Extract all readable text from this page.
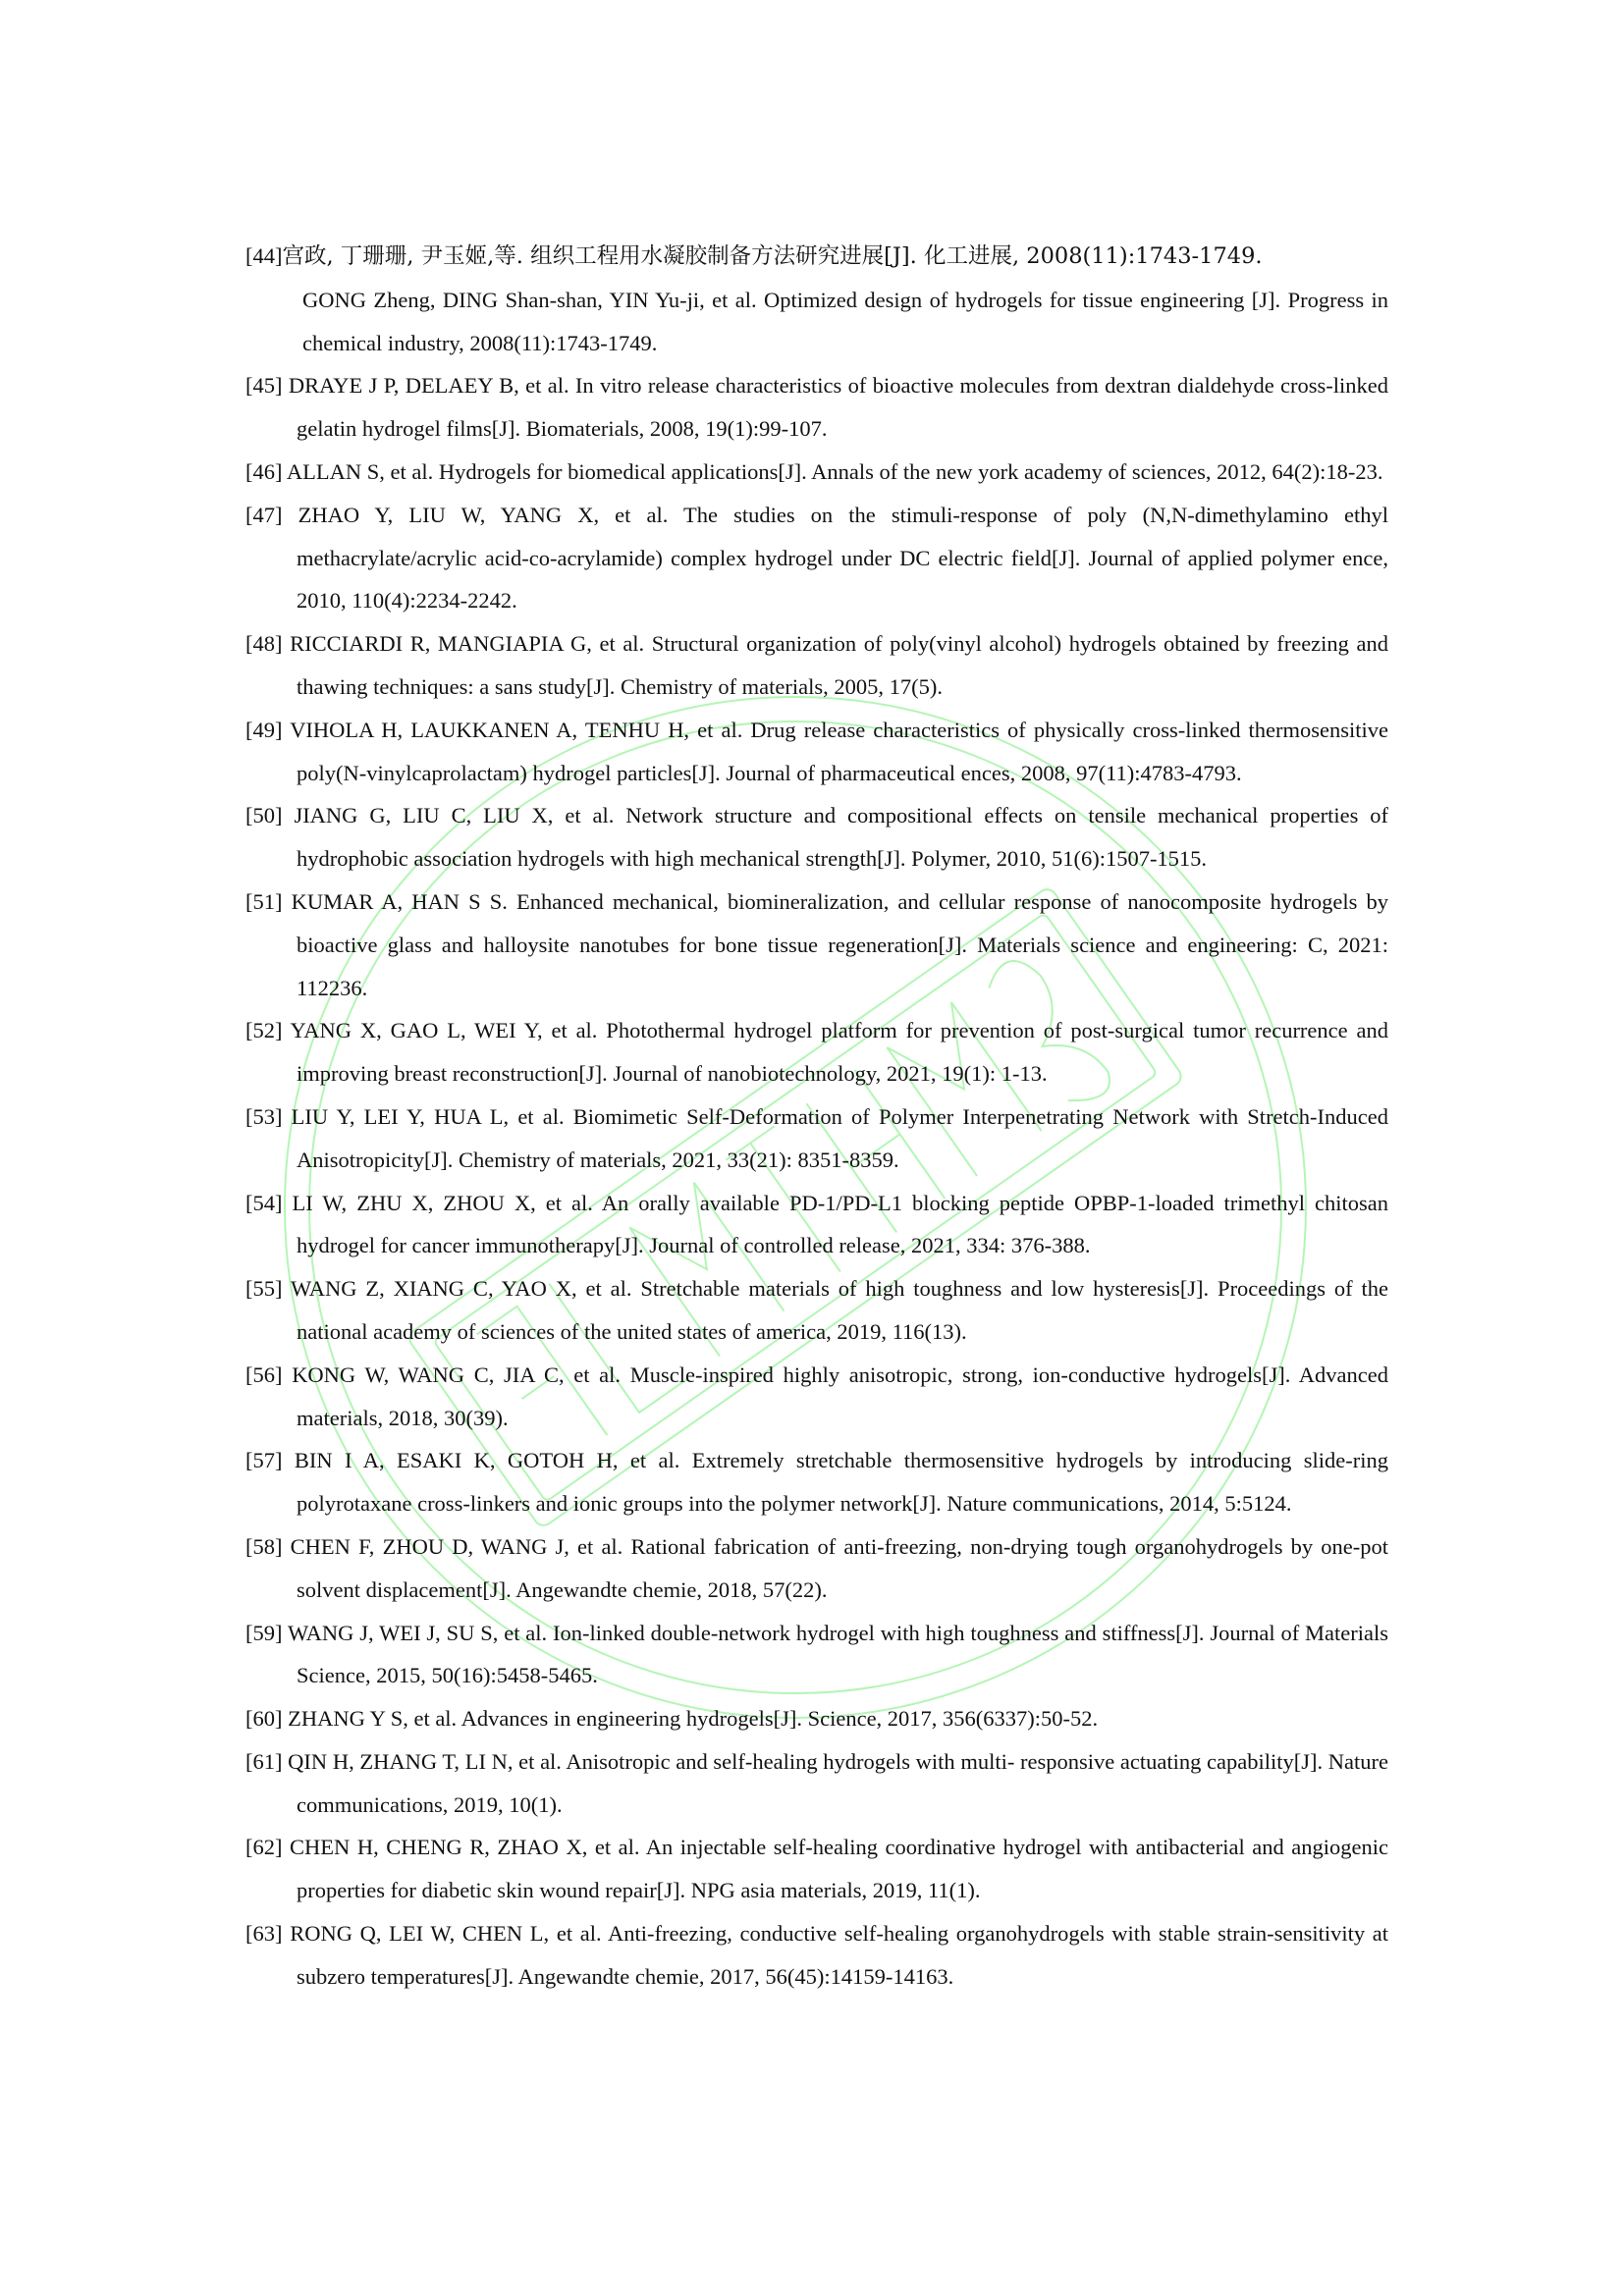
[44]宫政, 丁珊珊, 尹玉姬,等. 组织工程用水凝胶制备方法研究进展[J]. 化工进展, 2008(11):1743-1749.

GONG Zheng, DING Shan-shan, YIN Yu-ji, et al. Optimized design of hydrogels for tissue engineering [J]. Progress in chemical industry, 2008(11):1743-1749.

[45] DRAYE J P, DELAEY B, et al. In vitro release characteristics of bioactive molecules from dextran dialdehyde cross-linked gelatin hydrogel films[J]. Biomaterials, 2008, 19(1):99-107.

[46] ALLAN S, et al. Hydrogels for biomedical applications[J]. Annals of the new york academy of sciences, 2012, 64(2):18-23.

[47] ZHAO Y, LIU W, YANG X, et al. The studies on the stimuli-response of poly (N,N-dimethylamino ethyl methacrylate/acrylic acid-co-acrylamide) complex hydrogel under DC electric field[J]. Journal of applied polymer ence, 2010, 110(4):2234-2242.

[48] RICCIARDI R, MANGIAPIA G, et al. Structural organization of poly(vinyl alcohol) hydrogels obtained by freezing and thawing techniques: a sans study[J]. Chemistry of materials, 2005, 17(5).

[49] VIHOLA H, LAUKKANEN A, TENHU H, et al. Drug release characteristics of physically cross-linked thermosensitive poly(N-vinylcaprolactam) hydrogel particles[J]. Journal of pharmaceutical ences, 2008, 97(11):4783-4793.

[50] JIANG G, LIU C, LIU X, et al. Network structure and compositional effects on tensile mechanical properties of hydrophobic association hydrogels with high mechanical strength[J]. Polymer, 2010, 51(6):1507-1515.

[51] KUMAR A, HAN S S. Enhanced mechanical, biomineralization, and cellular response of nanocomposite hydrogels by bioactive glass and halloysite nanotubes for bone tissue regeneration[J]. Materials science and engineering: C, 2021: 112236.

[52] YANG X, GAO L, WEI Y, et al. Photothermal hydrogel platform for prevention of post-surgical tumor recurrence and improving breast reconstruction[J]. Journal of nanobiotechnology, 2021, 19(1): 1-13.

[53] LIU Y, LEI Y, HUA L, et al. Biomimetic Self-Deformation of Polymer Interpenetrating Network with Stretch-Induced Anisotropicity[J]. Chemistry of materials, 2021, 33(21): 8351-8359.

[54] LI W, ZHU X, ZHOU X, et al. An orally available PD-1/PD-L1 blocking peptide OPBP-1-loaded trimethyl chitosan hydrogel for cancer immunotherapy[J]. Journal of controlled release, 2021, 334: 376-388.

[55] WANG Z, XIANG C, YAO X, et al. Stretchable materials of high toughness and low hysteresis[J]. Proceedings of the national academy of sciences of the united states of america, 2019, 116(13).

[56] KONG W, WANG C, JIA C, et al. Muscle-inspired highly anisotropic, strong, ion-conductive hydrogels[J]. Advanced materials, 2018, 30(39).

[57] BIN I A, ESAKI K, GOTOH H, et al. Extremely stretchable thermosensitive hydrogels by introducing slide-ring polyrotaxane cross-linkers and ionic groups into the polymer network[J]. Nature communications, 2014, 5:5124.

[58] CHEN F, ZHOU D, WANG J, et al. Rational fabrication of anti-freezing, non-drying tough organohydrogels by one-pot solvent displacement[J]. Angewandte chemie, 2018, 57(22).

[59] WANG J, WEI J, SU S, et al. Ion-linked double-network hydrogel with high toughness and stiffness[J]. Journal of Materials Science, 2015, 50(16):5458-5465.

[60] ZHANG Y S, et al. Advances in engineering hydrogels[J]. Science, 2017, 356(6337):50-52.

[61] QIN H, ZHANG T, LI N, et al. Anisotropic and self-healing hydrogels with multi- responsive actuating capability[J]. Nature communications, 2019, 10(1).

[62] CHEN H, CHENG R, ZHAO X, et al. An injectable self-healing coordinative hydrogel with antibacterial and angiogenic properties for diabetic skin wound repair[J]. NPG asia materials, 2019, 11(1).

[63] RONG Q, LEI W, CHEN L, et al. Anti-freezing, conductive self-healing organohydrogels with stable strain-sensitivity at subzero temperatures[J]. Angewandte chemie, 2017, 56(45):14159-14163.
